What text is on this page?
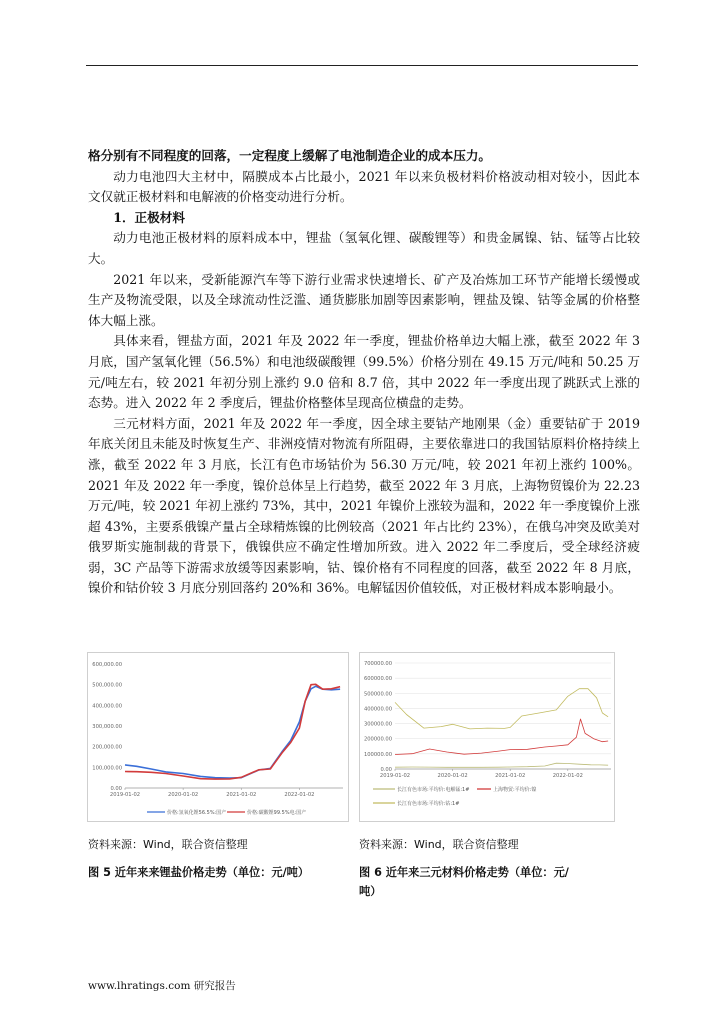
格分别有不同程度的回落，一定程度上缓解了电池制造企业的成本压力。

动力电池四大主材中，隔膜成本占比最小，2021 年以来负极材料价格波动相对较小，因此本文仅就正极材料和电解液的价格变动进行分析。

1．正极材料

动力电池正极材料的原料成本中，锂盐（氢氧化锂、碳酸锂等）和贵金属镍、钴、锰等占比较大。

2021 年以来，受新能源汽车等下游行业需求快速增长、矿产及冶炼加工环节产能增长缓慢或生产及物流受限，以及全球流动性泛滥、通货膨胀加剧等因素影响，锂盐及镍、钴等金属的价格整体大幅上涨。

具体来看，锂盐方面，2021 年及 2022 年一季度，锂盐价格单边大幅上涨，截至 2022 年 3 月底，国产氢氧化锂（56.5%）和电池级碳酸锂（99.5%）价格分别在 49.15 万元/吨和 50.25 万元/吨左右，较 2021 年初分别上涨约 9.0 倍和 8.7 倍，其中 2022 年一季度出现了跳跃式上涨的态势。进入 2022 年 2 季度后，锂盐价格整体呈现高位横盘的走势。

三元材料方面，2021 年及 2022 年一季度，因全球主要钴产地刚果（金）重要钴矿于 2019 年底关闭且未能及时恢复生产、非洲疫情对物流有所阻碍，主要依靠进口的我国钴原料价格持续上涨，截至 2022 年 3 月底，长江有色市场钴价为 56.30 万元/吨，较 2021 年初上涨约 100%。2021 年及 2022 年一季度，镍价总体呈上行趋势，截至 2022 年 3 月底，上海物贸镍价为 22.23 万元/吨，较 2021 年初上涨约 73%，其中，2021 年镍价上涨较为温和，2022 年一季度镍价上涨超 43%，主要系俄镍产量占全球精炼镍的比例较高（2021 年占比约 23%），在俄乌冲突及欧美对俄罗斯实施制裁的背景下，俄镍供应不确定性增加所致。进入 2022 年二季度后，受全球经济疲弱，3C 产品等下游需求放缓等因素影响，钴、镍价格有不同程度的回落，截至 2022 年 8 月底，镍价和钴价较 3 月底分别回落约 20%和 36%。电解锰因价值较低，对正极材料成本影响最小。

600,000.00
500,000.00
400,000.00
300,000.00
200,000.00
100,000.00
0.00
2019-01-02	2020-01-02	2021-01-02	2022-01-02
价格:氢氧化锂56.5%:国产	价格:碳酸锂99.5%电:国产
700000.00
600000.00
500000.00
400000.00
300000.00
200000.00
100000.00
0.00
2019-01-02	2020-01-02	2021-01-02	2022-01-02
长江有色市场:平均价:电解锰:1#	上海物贸:平均价:镍
长江有色市场:平均价:钴:1#
资料来源：Wind，联合资信整理	资料来源：Wind，联合资信整理
图 5 近年来来锂盐价格走势（单位：元/吨）	图 6 近年来三元材料价格走势（单位：元/
吨）
www.lhratings.com 研究报告
